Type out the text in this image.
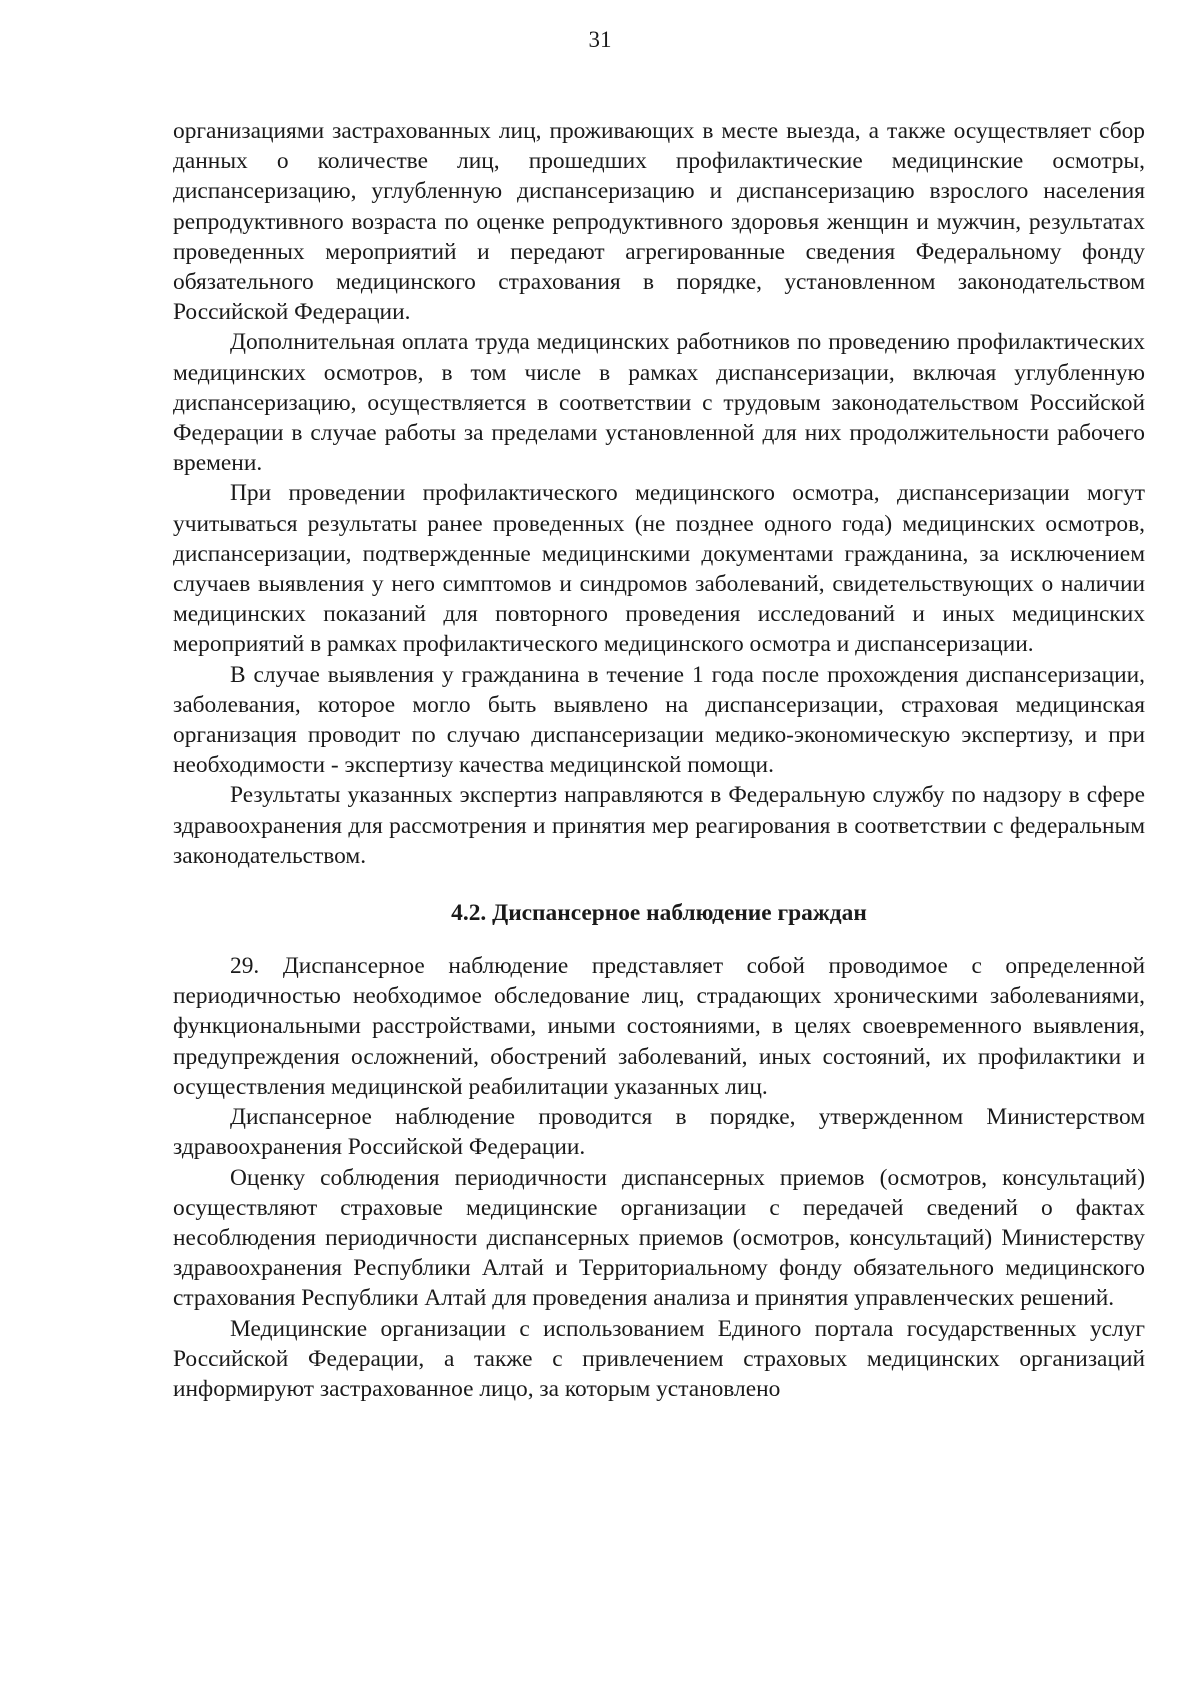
31

организациями застрахованных лиц, проживающих в месте выезда, а также осуществляет сбор данных о количестве лиц, прошедших профилактические медицинские осмотры, диспансеризацию, углубленную диспансеризацию и диспансеризацию взрослого населения репродуктивного возраста по оценке репродуктивного здоровья женщин и мужчин, результатах проведенных мероприятий и передают агрегированные сведения Федеральному фонду обязательного медицинского страхования в порядке, установленном законодательством Российской Федерации.

Дополнительная оплата труда медицинских работников по проведению профилактических медицинских осмотров, в том числе в рамках диспансеризации, включая углубленную диспансеризацию, осуществляется в соответствии с трудовым законодательством Российской Федерации в случае работы за пределами установленной для них продолжительности рабочего времени.

При проведении профилактического медицинского осмотра, диспансеризации могут учитываться результаты ранее проведенных (не позднее одного года) медицинских осмотров, диспансеризации, подтвержденные медицинскими документами гражданина, за исключением случаев выявления у него симптомов и синдромов заболеваний, свидетельствующих о наличии медицинских показаний для повторного проведения исследований и иных медицинских мероприятий в рамках профилактического медицинского осмотра и диспансеризации.

В случае выявления у гражданина в течение 1 года после прохождения диспансеризации, заболевания, которое могло быть выявлено на диспансеризации, страховая медицинская организация проводит по случаю диспансеризации медико-экономическую экспертизу, и при необходимости - экспертизу качества медицинской помощи.

Результаты указанных экспертиз направляются в Федеральную службу по надзору в сфере здравоохранения для рассмотрения и принятия мер реагирования в соответствии с федеральным законодательством.

4.2. Диспансерное наблюдение граждан

29. Диспансерное наблюдение представляет собой проводимое с определенной периодичностью необходимое обследование лиц, страдающих хроническими заболеваниями, функциональными расстройствами, иными состояниями, в целях своевременного выявления, предупреждения осложнений, обострений заболеваний, иных состояний, их профилактики и осуществления медицинской реабилитации указанных лиц.

Диспансерное наблюдение проводится в порядке, утвержденном Министерством здравоохранения Российской Федерации.

Оценку соблюдения периодичности диспансерных приемов (осмотров, консультаций) осуществляют страховые медицинские организации с передачей сведений о фактах несоблюдения периодичности диспансерных приемов (осмотров, консультаций) Министерству здравоохранения Республики Алтай и Территориальному фонду обязательного медицинского страхования Республики Алтай для проведения анализа и принятия управленческих решений.

Медицинские организации с использованием Единого портала государственных услуг Российской Федерации, а также с привлечением страховых медицинских организаций информируют застрахованное лицо, за которым установлено
